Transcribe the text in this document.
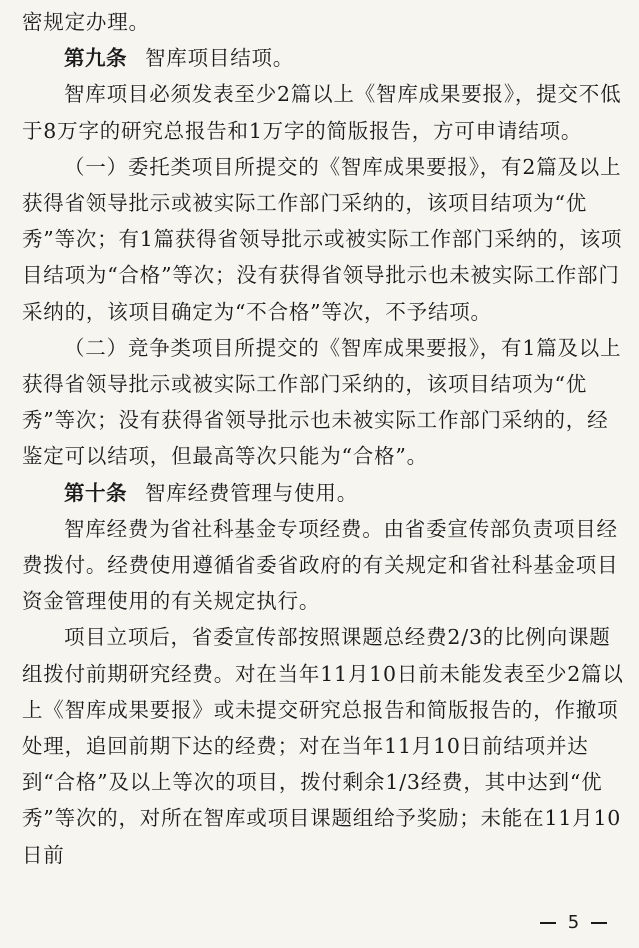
密规定办理。

第九条 智库项目结项。

智库项目必须发表至少2篇以上《智库成果要报》，提交不低于8万字的研究总报告和1万字的简版报告，方可申请结项。

（一）委托类项目所提交的《智库成果要报》，有2篇及以上获得省领导批示或被实际工作部门采纳的，该项目结项为“优秀”等次；有1篇获得省领导批示或被实际工作部门采纳的，该项目结项为“合格”等次；没有获得省领导批示也未被实际工作部门采纳的，该项目确定为“不合格”等次，不予结项。

（二）竞争类项目所提交的《智库成果要报》，有1篇及以上获得省领导批示或被实际工作部门采纳的，该项目结项为“优秀”等次；没有获得省领导批示也未被实际工作部门采纳的，经鉴定可以结项，但最高等次只能为“合格”。

第十条 智库经费管理与使用。

智库经费为省社科基金专项经费。由省委宣传部负责项目经费拨付。经费使用遵循省委省政府的有关规定和省社科基金项目资金管理使用的有关规定执行。

项目立项后，省委宣传部按照课题总经费2/3的比例向课题组拨付前期研究经费。对在当年11月10日前未能发表至少2篇以上《智库成果要报》或未提交研究总报告和简版报告的，作撤项处理，追回前期下达的经费；对在当年11月10日前结项并达到“合格”及以上等次的项目，拨付剩余1/3经费，其中达到“优秀”等次的，对所在智库或项目课题组给予奖励；未能在11月10日前

5
